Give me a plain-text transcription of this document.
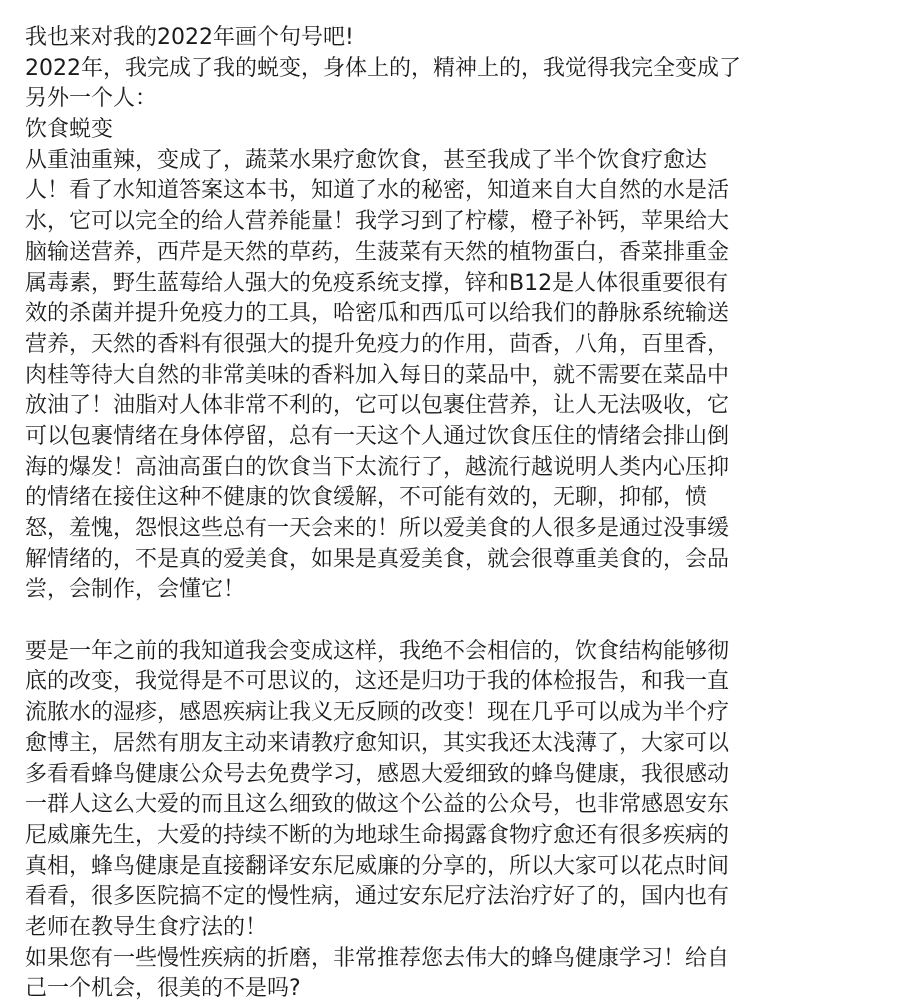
我也来对我的2022年画个句号吧!
2022年，我完成了我的蜕变，身体上的，精神上的，我觉得我完全变成了
另外一个人：
饮食蜕变
从重油重辣，变成了，蔬菜水果疗愈饮食，甚至我成了半个饮食疗愈达
人！看了水知道答案这本书，知道了水的秘密，知道来自大自然的水是活
水，它可以完全的给人营养能量！我学习到了柠檬，橙子补钙，苹果给大
脑输送营养，西芹是天然的草药，生菠菜有天然的植物蛋白，香菜排重金
属毒素，野生蓝莓给人强大的免疫系统支撑，锌和B12是人体很重要很有
效的杀菌并提升免疫力的工具，哈密瓜和西瓜可以给我们的静脉系统输送
营养，天然的香料有很强大的提升免疫力的作用，茴香，八角，百里香，
肉桂等待大自然的非常美味的香料加入每日的菜品中，就不需要在菜品中
放油了！油脂对人体非常不利的，它可以包裹住营养，让人无法吸收，它
可以包裹情绪在身体停留，总有一天这个人通过饮食压住的情绪会排山倒
海的爆发！高油高蛋白的饮食当下太流行了，越流行越说明人类内心压抑
的情绪在接住这种不健康的饮食缓解，不可能有效的，无聊，抑郁，愤
怒，羞愧，怨恨这些总有一天会来的！所以爱美食的人很多是通过没事缓
解情绪的，不是真的爱美食，如果是真爱美食，就会很尊重美食的，会品
尝，会制作，会懂它！
要是一年之前的我知道我会变成这样，我绝不会相信的，饮食结构能够彻
底的改变，我觉得是不可思议的，这还是归功于我的体检报告，和我一直
流脓水的湿疹，感恩疾病让我义无反顾的改变！现在几乎可以成为半个疗
愈博主，居然有朋友主动来请教疗愈知识，其实我还太浅薄了，大家可以
多看看蜂鸟健康公众号去免费学习，感恩大爱细致的蜂鸟健康，我很感动
一群人这么大爱的而且这么细致的做这个公益的公众号，也非常感恩安东
尼威廉先生，大爱的持续不断的为地球生命揭露食物疗愈还有很多疾病的
真相，蜂鸟健康是直接翻译安东尼威廉的分享的，所以大家可以花点时间
看看，很多医院搞不定的慢性病，通过安东尼疗法治疗好了的，国内也有
老师在教导生食疗法的！
如果您有一些慢性疾病的折磨，非常推荐您去伟大的蜂鸟健康学习！给自
己一个机会，很美的不是吗?
